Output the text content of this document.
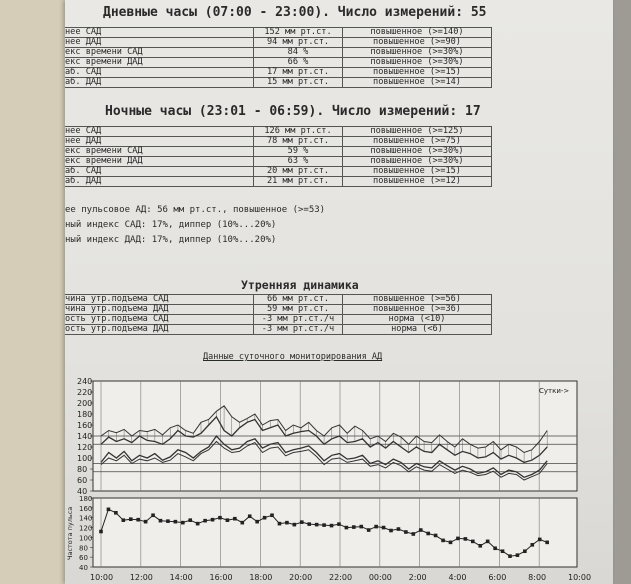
Дневные часы (07:00 - 23:00). Число измерений: 55
нее САД	152 мм рт.ст.	повышенное (>=140)
нее ДАД	94 мм рт.ст.	повышенное (>=90)
екс времени САД	84 %	повышенное (>=30%)
екс времени ДАД	66 %	повышенное (>=30%)
аб. САД	17 мм рт.ст.	повышенное (>=15)
аб. ДАД	15 мм рт.ст.	повышенное (>=14)
Ночные часы (23:01 - 06:59). Число измерений: 17
нее САД	126 мм рт.ст.	повышенное (>=125)
нее ДАД	78 мм рт.ст.	повышенное (>=75)
екс времени САД	59 %	повышенное (>=30%)
екс времени ДАД	63 %	повышенное (>=30%)
аб. САД	20 мм рт.ст.	повышенное (>=15)
аб. ДАД	21 мм рт.ст.	повышенное (>=12)
ее пульсовое АД: 56 мм рт.ст., повышенное (>=53)
ный индекс САД: 17%, диппер (10%...20%)
ный индекс ДАД: 17%, диппер (10%...20%)
Утренняя динамика
чина утр.подъема САД	66 мм рт.ст.	повышенное (>=56)
чина утр.подъема ДАД	59 мм рт.ст.	повышенное (>=36)
ость утр.подъема САД	-3 мм рт.ст./ч	норма (<10)
ость утр.подъема ДАД	-3 мм рт.ст./ч	норма (<6)
Данные суточного мониторирования АД
10:00 12:00 14:00 16:00 18:00 20:00 22:00 00:00 2:00	4:00	6:00	8:00	10:00
240
220
200
180
160
140
120
100
80
60
40
Сутки->
180
160
140
120
100
80
60
40
Частота пульса
